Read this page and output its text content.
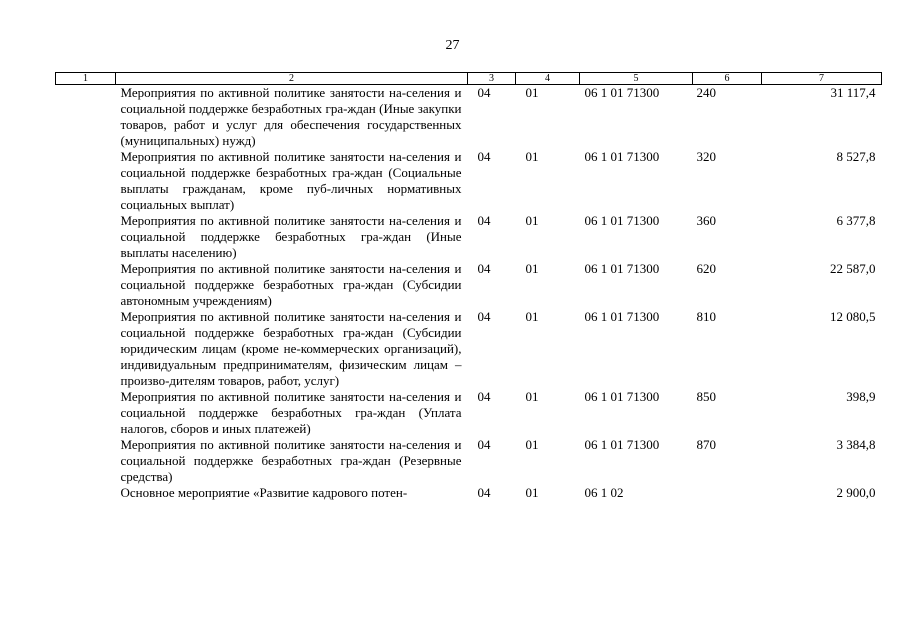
27
1	2	3	4	5	6	7
	Мероприятия по активной политике занятости на-селения и социальной поддержке безработных гра-ждан (Иные закупки товаров, работ и услуг для обеспечения государственных (муниципальных) нужд)	04	01	06 1 01 71300	240	31 117,4
	Мероприятия по активной политике занятости на-селения и социальной поддержке безработных гра-ждан (Социальные выплаты гражданам, кроме пуб-личных нормативных социальных выплат)	04	01	06 1 01 71300	320	8 527,8
	Мероприятия по активной политике занятости на-селения и социальной поддержке безработных гра-ждан (Иные выплаты населению)	04	01	06 1 01 71300	360	6 377,8
	Мероприятия по активной политике занятости на-селения и социальной поддержке безработных гра-ждан (Субсидии автономным учреждениям)	04	01	06 1 01 71300	620	22 587,0
	Мероприятия по активной политике занятости на-селения и социальной поддержке безработных гра-ждан (Субсидии юридическим лицам (кроме не-коммерческих организаций), индивидуальным предпринимателям, физическим лицам – произво-дителям товаров, работ, услуг)	04	01	06 1 01 71300	810	12 080,5
	Мероприятия по активной политике занятости на-селения и социальной поддержке безработных гра-ждан (Уплата налогов, сборов и иных платежей)	04	01	06 1 01 71300	850	398,9
	Мероприятия по активной политике занятости на-селения и социальной поддержке безработных гра-ждан (Резервные средства)	04	01	06 1 01 71300	870	3 384,8
	Основное мероприятие «Развитие кадрового потен-	04	01	06 1 02		2 900,0
